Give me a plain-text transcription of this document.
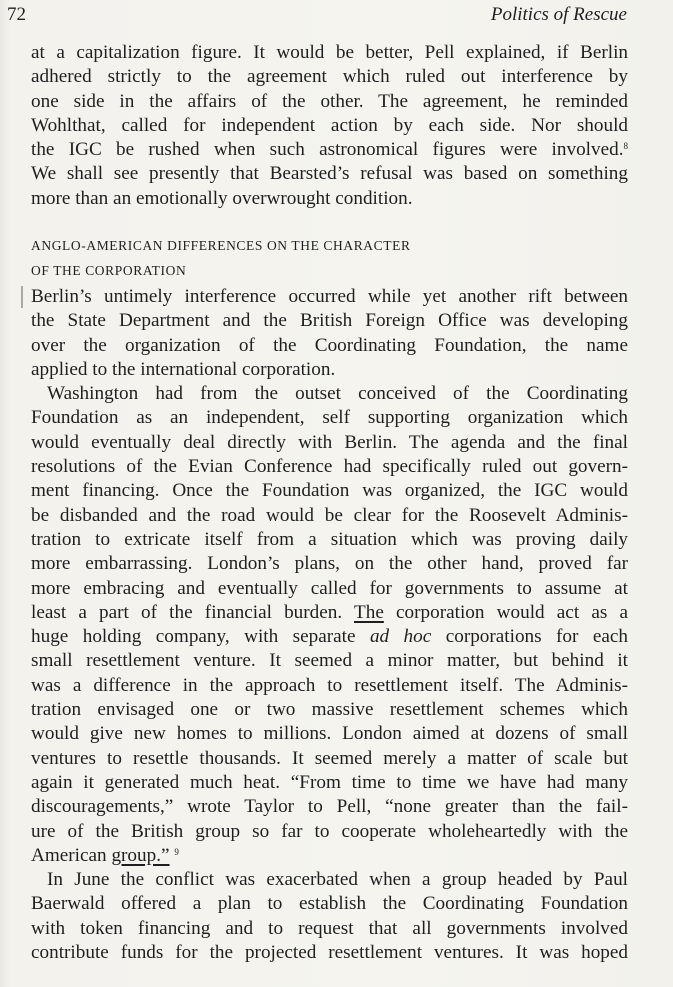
72	Politics of Rescue
at a capitalization figure. It would be better, Pell explained, if Berlin
adhered strictly to the agreement which ruled out interference by
one side in the affairs of the other. The agreement, he reminded
Wohlthat, called for independent action by each side. Nor should
the IGC be rushed when such astronomical figures were involved.$^8$
We shall see presently that Bearsted’s refusal was based on something
more than an emotionally overwrought condition.
ANGLO-AMERICAN DIFFERENCES ON THE CHARACTER
OF THE CORPORATION
Berlin’s untimely interference occurred while yet another rift between
the State Department and the British Foreign Office was developing
over the organization of the Coordinating Foundation, the name
applied to the international corporation.
Washington had from the outset conceived of the Coordinating
Foundation as an independent, self supporting organization which
would eventually deal directly with Berlin. The agenda and the final
resolutions of the Evian Conference had specifically ruled out govern-
ment financing. Once the Foundation was organized, the IGC would
be disbanded and the road would be clear for the Roosevelt Adminis-
tration to extricate itself from a situation which was proving daily
more embarrassing. London’s plans, on the other hand, proved far
more embracing and eventually called for governments to assume at
least a part of the financial burden. The corporation would act as a
huge holding company, with separate ad hoc corporations for each
small resettlement venture. It seemed a minor matter, but behind it
was a difference in the approach to resettlement itself. The Adminis-
tration envisaged one or two massive resettlement schemes which
would give new homes to millions. London aimed at dozens of small
ventures to resettle thousands. It seemed merely a matter of scale but
again it generated much heat. “From time to time we have had many
discouragements,” wrote Taylor to Pell, “none greater than the fail-
ure of the British group so far to cooperate wholeheartedly with the
American group.” $^9$
In June the conflict was exacerbated when a group headed by Paul
Baerwald offered a plan to establish the Coordinating Foundation
with token financing and to request that all governments involved
contribute funds for the projected resettlement ventures. It was hoped
